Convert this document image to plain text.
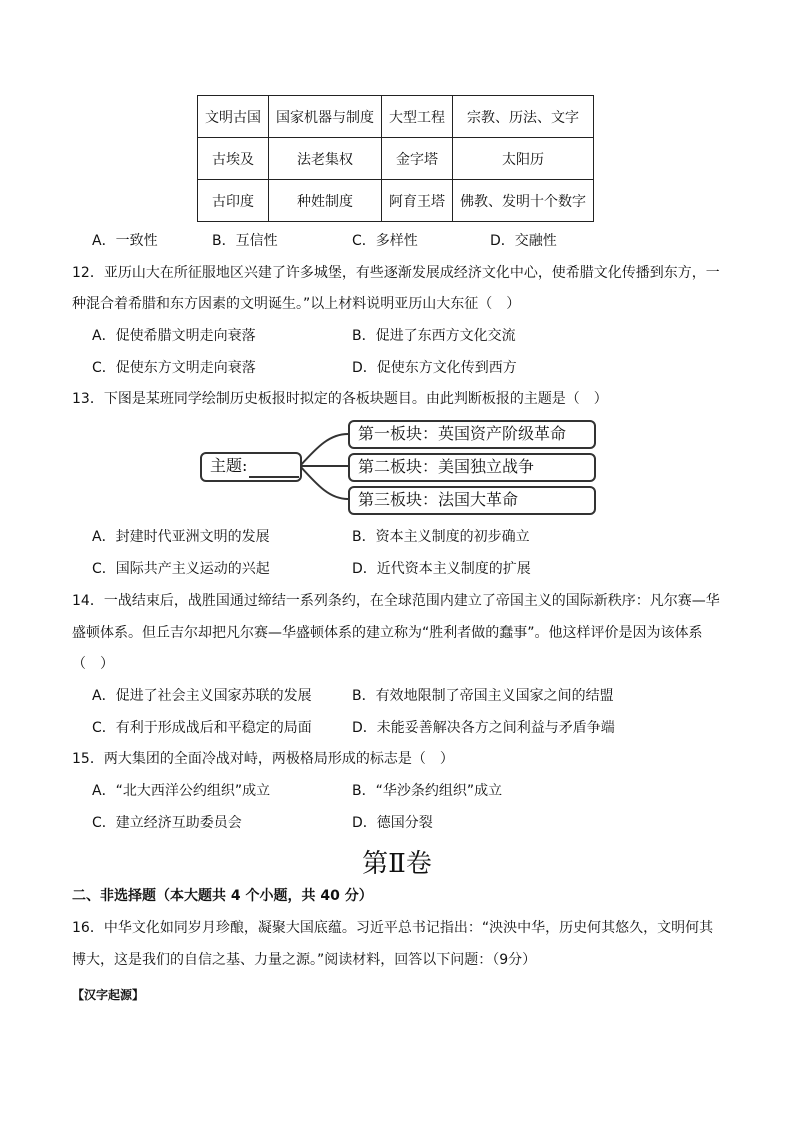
文明古国	国家机器与制度	大型工程	宗教、历法、文字
古埃及	法老集权	金字塔	太阳历
古印度	种姓制度	阿育王塔	佛教、发明十个数字
A．一致性	B．互信性	C．多样性	D．交融性
12．亚历山大在所征服地区兴建了许多城堡，有些逐渐发展成经济文化中心，使希腊文化传播到东方，一
种混合着希腊和东方因素的文明诞生。”以上材料说明亚历山大东征（　）
A．促使希腊文明走向衰落	B．促进了东西方文化交流
C．促使东方文明走向衰落	D．促使东方文化传到西方
13．下图是某班同学绘制历史板报时拟定的各板块题目。由此判断板报的主题是（　）
主题:
第一板块：英国资产阶级革命
第二板块：美国独立战争
第三板块：法国大革命
A．封建时代亚洲文明的发展	B．资本主义制度的初步确立
C．国际共产主义运动的兴起	D．近代资本主义制度的扩展
14．一战结束后，战胜国通过缔结一系列条约，在全球范围内建立了帝国主义的国际新秩序：凡尔赛—华
盛顿体系。但丘吉尔却把凡尔赛—华盛顿体系的建立称为“胜利者做的蠢事”。他这样评价是因为该体系
（　）
A．促进了社会主义国家苏联的发展	B．有效地限制了帝国主义国家之间的结盟
C．有利于形成战后和平稳定的局面	D．未能妥善解决各方之间利益与矛盾争端
15．两大集团的全面冷战对峙，两极格局形成的标志是（　）
A．“北大西洋公约组织”成立	B．“华沙条约组织”成立
C．建立经济互助委员会	D．德国分裂
第Ⅱ卷
二、非选择题（本大题共 4 个小题，共 40 分）
16．中华文化如同岁月珍酿，凝聚大国底蕴。习近平总书记指出：“泱泱中华，历史何其悠久，文明何其
博大，这是我们的自信之基、力量之源。”阅读材料，回答以下问题：（9分）
【汉字起源】
